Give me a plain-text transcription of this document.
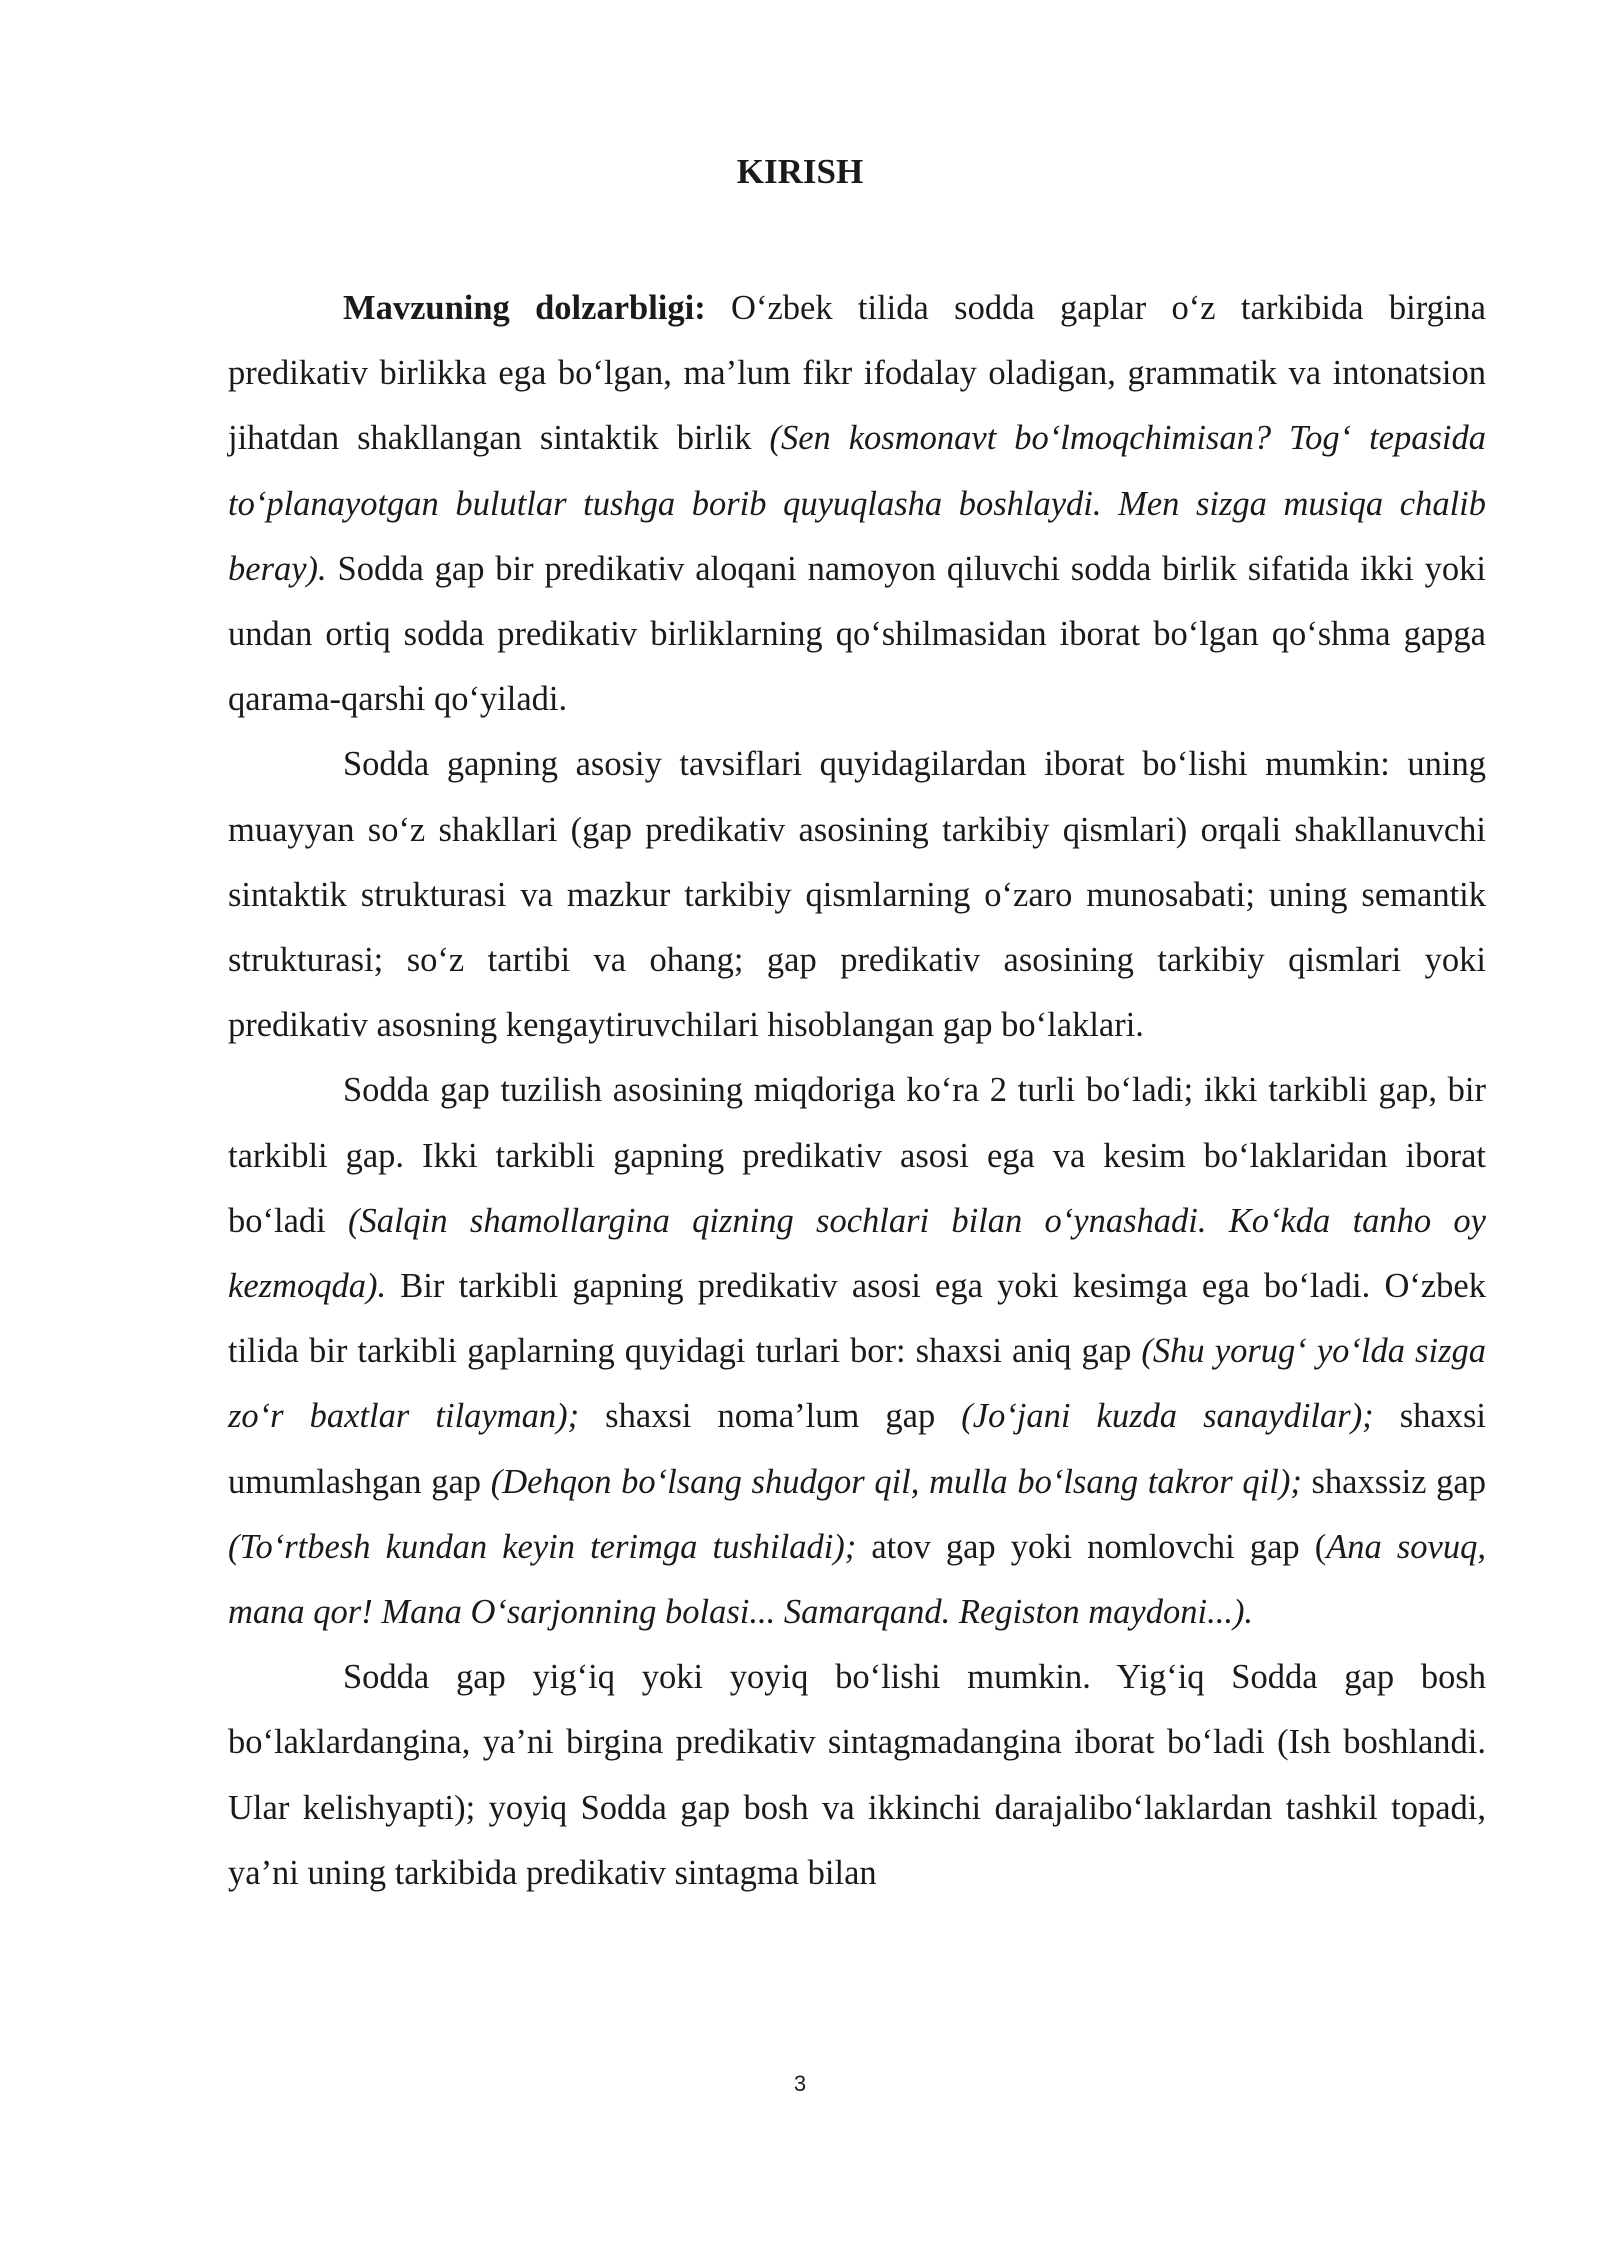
KIRISH

Mavzuning dolzarbligi: O‘zbek tilida sodda gaplar o‘z tarkibida birgina predikativ birlikka ega bo‘lgan, ma’lum fikr ifodalay oladigan, grammatik va intonatsion jihatdan shakllangan sintaktik birlik (Sen kosmonavt bo‘lmoqchimisan? Tog‘ tepasida to‘planayotgan bulutlar tushga borib quyuqlasha boshlaydi. Men sizga musiqa chalib beray). Sodda gap bir predikativ aloqani namoyon qiluvchi sodda birlik sifatida ikki yoki undan ortiq sodda predikativ birliklarning qo‘shilmasidan iborat bo‘lgan qo‘shma gapga qarama-qarshi qo‘yiladi.

Sodda gapning asosiy tavsiflari quyidagilardan iborat bo‘lishi mumkin: uning muayyan so‘z shakllari (gap predikativ asosining tarkibiy qismlari) orqali shakllanuvchi sintaktik strukturasi va mazkur tarkibiy qismlarning o‘zaro munosabati; uning semantik strukturasi; so‘z tartibi va ohang; gap predikativ asosining tarkibiy qismlari yoki predikativ asosning kengaytiruvchilari hisoblangan gap bo‘laklari.

Sodda gap tuzilish asosining miqdoriga ko‘ra 2 turli bo‘ladi; ikki tarkibli gap, bir tarkibli gap. Ikki tarkibli gapning predikativ asosi ega va kesim bo‘laklaridan iborat bo‘ladi (Salqin shamollargina qizning sochlari bilan o‘ynashadi. Ko‘kda tanho oy kezmoqda). Bir tarkibli gapning predikativ asosi ega yoki kesimga ega bo‘ladi. O‘zbek tilida bir tarkibli gaplarning quyidagi turlari bor: shaxsi aniq gap (Shu yorug‘ yo‘lda sizga zo‘r baxtlar tilayman); shaxsi noma’lum gap (Jo‘jani kuzda sanaydilar); shaxsi umumlashgan gap (Dehqon bo‘lsang shudgor qil, mulla bo‘lsang takror qil); shaxssiz gap (To‘rtbesh kundan keyin terimga tushiladi); atov gap yoki nomlovchi gap (Ana sovuq, mana qor! Mana O‘sarjonning bolasi... Samarqand. Registon maydoni...).

Sodda gap yig‘iq yoki yoyiq bo‘lishi mumkin. Yig‘iq Sodda gap bosh bo‘laklardangina, ya’ni birgina predikativ sintagmadangina iborat bo‘ladi (Ish boshlandi. Ular kelishyapti); yoyiq Sodda gap bosh va ikkinchi darajalibo‘laklardan tashkil topadi, ya’ni uning tarkibida predikativ sintagma bilan

3
